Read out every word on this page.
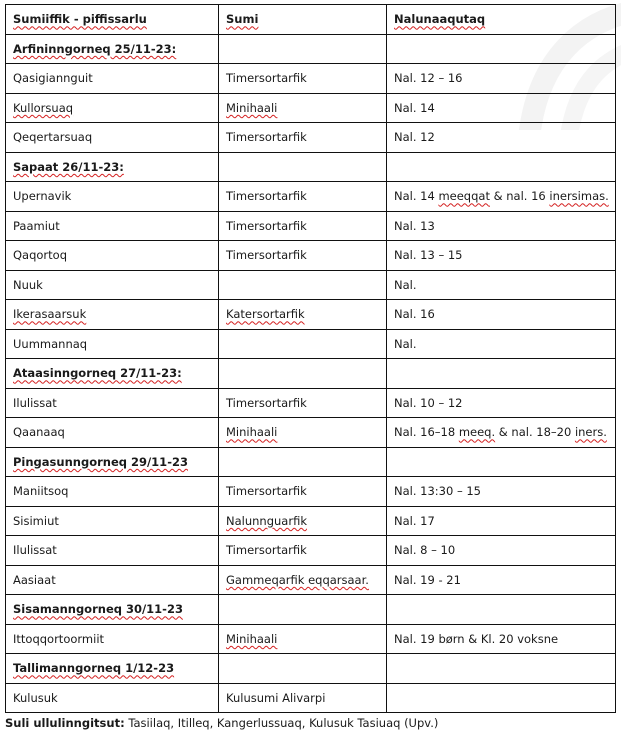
Sumiiffik - piffissarlu	Sumi	Nalunaaqutaq
Arfininngorneq 25/11-23:		
Qasigiannguit	Timersortarfik	Nal. 12 – 16
Kullorsuaq	Minihaali	Nal. 14
Qeqertarsuaq	Timersortarfik	Nal. 12
Sapaat 26/11-23:		
Upernavik	Timersortarfik	Nal. 14 meeqqat & nal. 16 inersimas.
Paamiut	Timersortarfik	Nal. 13
Qaqortoq	Timersortarfik	Nal. 13 – 15
Nuuk		Nal.
Ikerasaarsuk	Katersortarfik	Nal. 16
Uummannaq		Nal.
Ataasinngorneq 27/11-23:		
Ilulissat	Timersortarfik	Nal. 10 – 12
Qaanaaq	Minihaali	Nal. 16–18 meeq. & nal. 18–20 iners.
Pingasunngorneq 29/11-23		
Maniitsoq	Timersortarfik	Nal. 13:30 – 15
Sisimiut	Nalunnguarfik	Nal. 17
Ilulissat	Timersortarfik	Nal. 8 – 10
Aasiaat	Gammeqarfik eqqarsaar.	Nal. 19 - 21
Sisamanngorneq 30/11-23		
Ittoqqortoormiit	Minihaali	Nal. 19 børn & Kl. 20 voksne
Tallimanngorneq 1/12-23		
Kulusuk	Kulusumi Alivarpi	
Suli ullulinngitsut: Tasiilaq, Itilleq, Kangerlussuaq, Kulusuk Tasiuaq (Upv.)
